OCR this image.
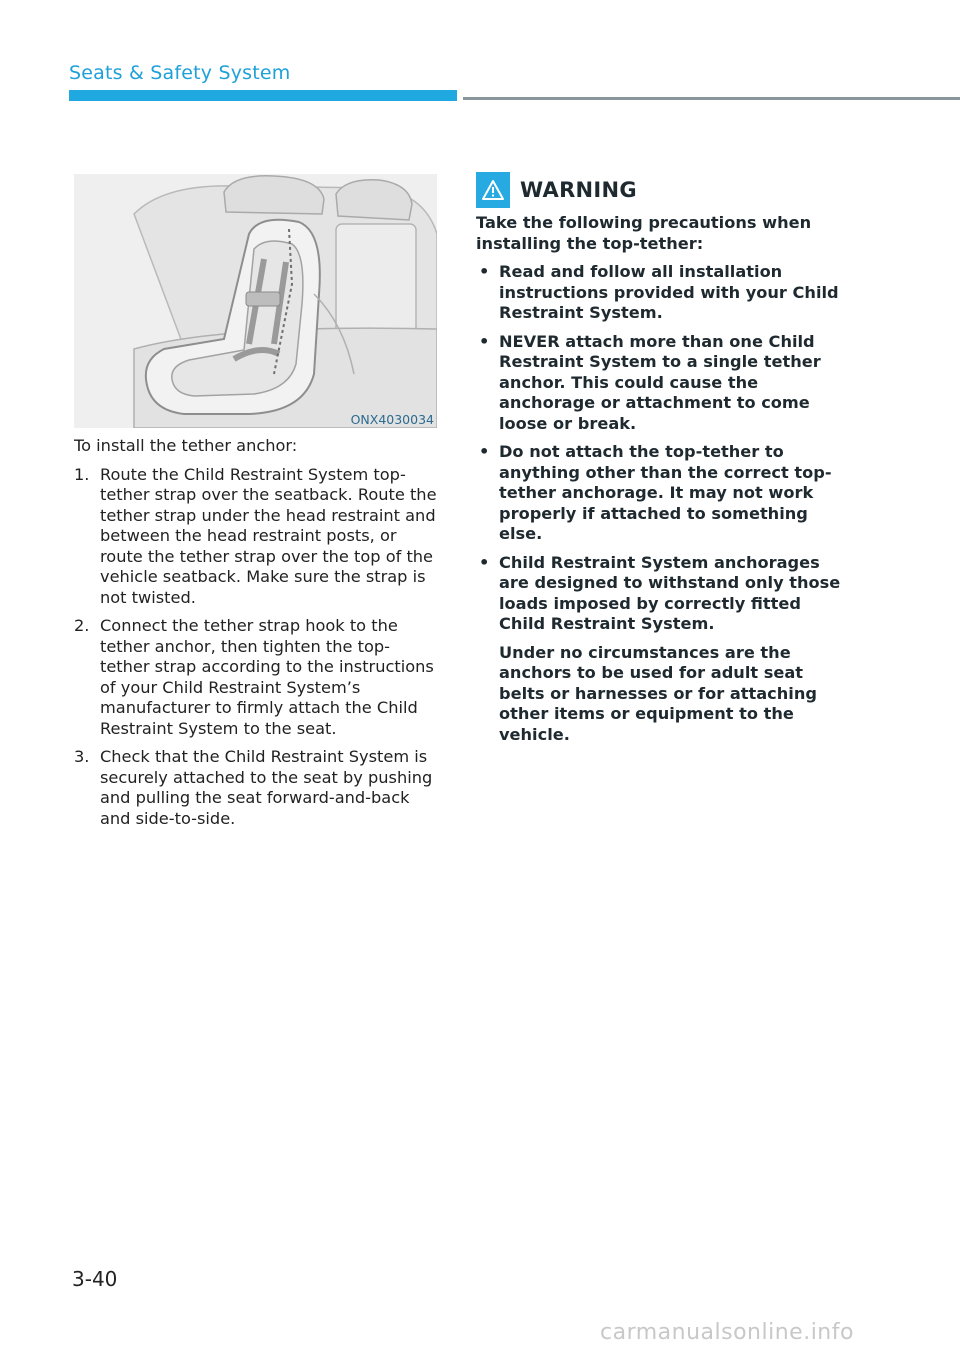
Seats & Safety System
ONX4030034

To install the tether anchor:

1. Route the Child Restraint System top-tether strap over the seatback. Route the tether strap under the head restraint and between the head restraint posts, or route the tether strap over the top of the vehicle seatback. Make sure the strap is not twisted.
2. Connect the tether strap hook to the tether anchor, then tighten the top-tether strap according to the instructions of your Child Restraint System’s manufacturer to firmly attach the Child Restraint System to the seat.
3. Check that the Child Restraint System is securely attached to the seat by pushing and pulling the seat forward-and-back and side-to-side.
WARNING

Take the following precautions when installing the top-tether:

• Read and follow all installation instructions provided with your Child Restraint System.
• NEVER attach more than one Child Restraint System to a single tether anchor. This could cause the anchorage or attachment to come loose or break.
• Do not attach the top-tether to anything other than the correct top-tether anchorage. It may not work properly if attached to something else.
• Child Restraint System anchorages are designed to withstand only those loads imposed by correctly fitted Child Restraint System.
Under no circumstances are the anchors to be used for adult seat belts or harnesses or for attaching other items or equipment to the vehicle.
3-40
carmanualsonline.info
